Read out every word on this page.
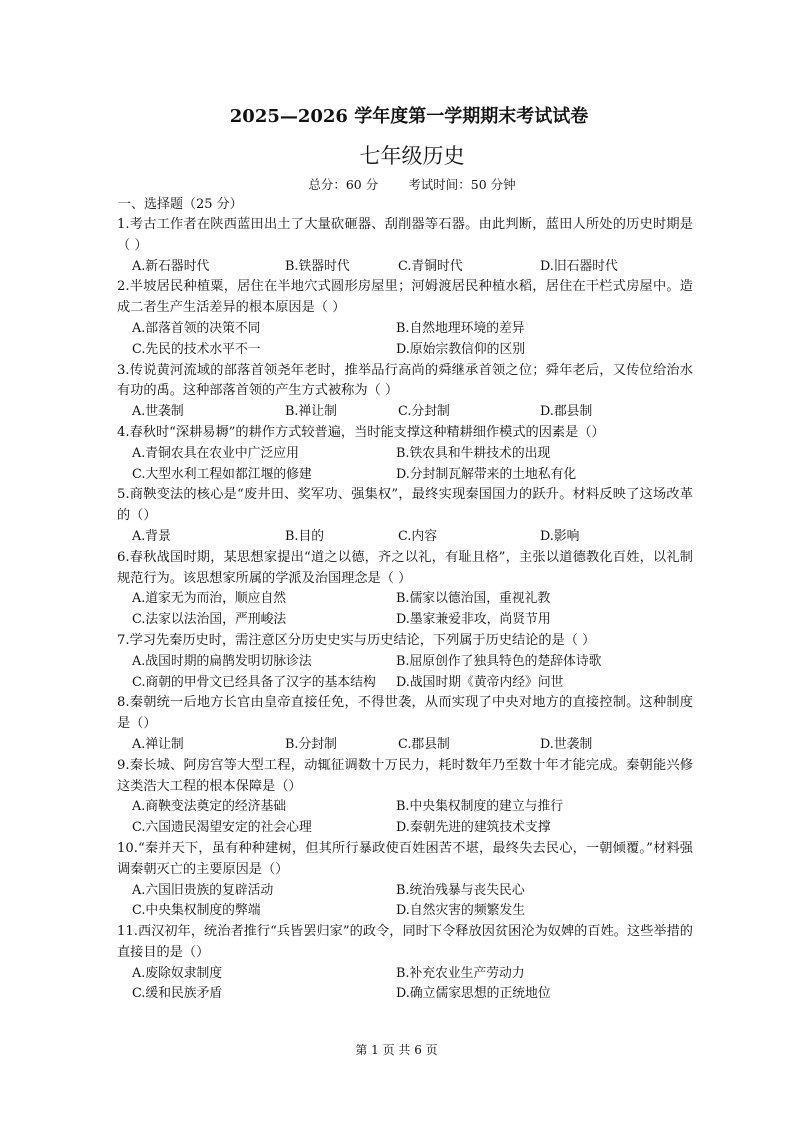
2025—2026 学年度第一学期期末考试试卷
七年级历史
总分：60 分 考试时间：50 分钟
一、选择题（25 分）
1.考古工作者在陕西蓝田出土了大量砍砸器、刮削器等石器。由此判断，蓝田人所处的历史时期是（ ）
A.新石器时代	B.铁器时代	C.青铜时代	D.旧石器时代
2.半坡居民种植粟，居住在半地穴式圆形房屋里；河姆渡居民种植水稻，居住在干栏式房屋中。造成二者生产生活差异的根本原因是（ ）
A.部落首领的决策不同	B.自然地理环境的差异
C.先民的技术水平不一	D.原始宗教信仰的区别
3.传说黄河流域的部落首领尧年老时，推举品行高尚的舜继承首领之位；舜年老后，又传位给治水有功的禹。这种部落首领的产生方式被称为（ ）
A.世袭制	B.禅让制	C.分封制	D.郡县制
4.春秋时“深耕易耨”的耕作方式较普遍，当时能支撑这种精耕细作模式的因素是（）
A.青铜农具在农业中广泛应用	B.铁农具和牛耕技术的出现
C.大型水利工程如都江堰的修建	D.分封制瓦解带来的土地私有化
5.商鞅变法的核心是“废井田、奖军功、强集权”，最终实现秦国国力的跃升。材料反映了这场改革的（）
A.背景	B.目的	C.内容	D.影响
6.春秋战国时期，某思想家提出“道之以德，齐之以礼，有耻且格”，主张以道德教化百姓，以礼制规范行为。该思想家所属的学派及治国理念是（ ）
A.道家无为而治，顺应自然	B.儒家以德治国，重视礼教
C.法家以法治国，严刑峻法	D.墨家兼爱非攻，尚贤节用
7.学习先秦历史时，需注意区分历史史实与历史结论，下列属于历史结论的是（ ）
A.战国时期的扁鹊发明切脉诊法	B.屈原创作了独具特色的楚辞体诗歌
C.商朝的甲骨文已经具备了汉字的基本结构	D.战国时期《黄帝内经》问世
8.秦朝统一后地方长官由皇帝直接任免，不得世袭，从而实现了中央对地方的直接控制。这种制度是（）
A.禅让制	B.分封制	C.郡县制	D.世袭制
9.秦长城、阿房宫等大型工程，动辄征调数十万民力，耗时数年乃至数十年才能完成。秦朝能兴修这类浩大工程的根本保障是（）
A.商鞅变法奠定的经济基础	B.中央集权制度的建立与推行
C.六国遗民渴望安定的社会心理	D.秦朝先进的建筑技术支撑
10.“秦并天下，虽有种种建树，但其所行暴政使百姓困苦不堪，最终失去民心，一朝倾覆。”材料强调秦朝灭亡的主要原因是（）
A.六国旧贵族的复辟活动	B.统治残暴与丧失民心
C.中央集权制度的弊端	D.自然灾害的频繁发生
11.西汉初年，统治者推行“兵皆罢归家”的政令，同时下令释放因贫困沦为奴婢的百姓。这些举措的直接目的是（）
A.废除奴隶制度	B.补充农业生产劳动力
C.缓和民族矛盾	D.确立儒家思想的正统地位
第 1 页 共 6 页
